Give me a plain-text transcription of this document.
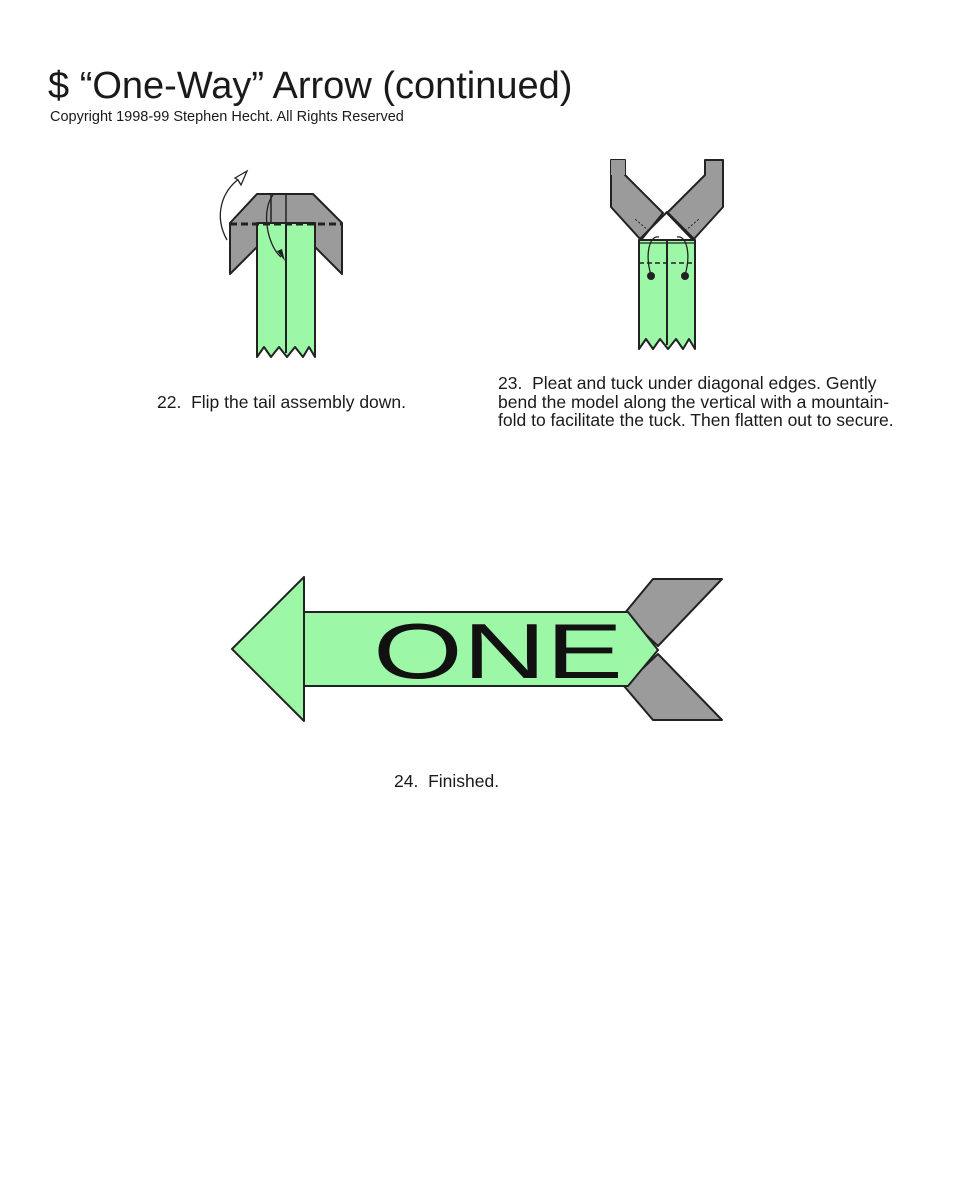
$ “One-Way” Arrow (continued)
Copyright 1998-99 Stephen Hecht. All Rights Reserved
22. Flip the tail assembly down.
23. Pleat and tuck under diagonal edges. Gently bend the model along the vertical with a mountain-fold to facilitate the tuck. Then flatten out to secure.
ONE
24. Finished.
